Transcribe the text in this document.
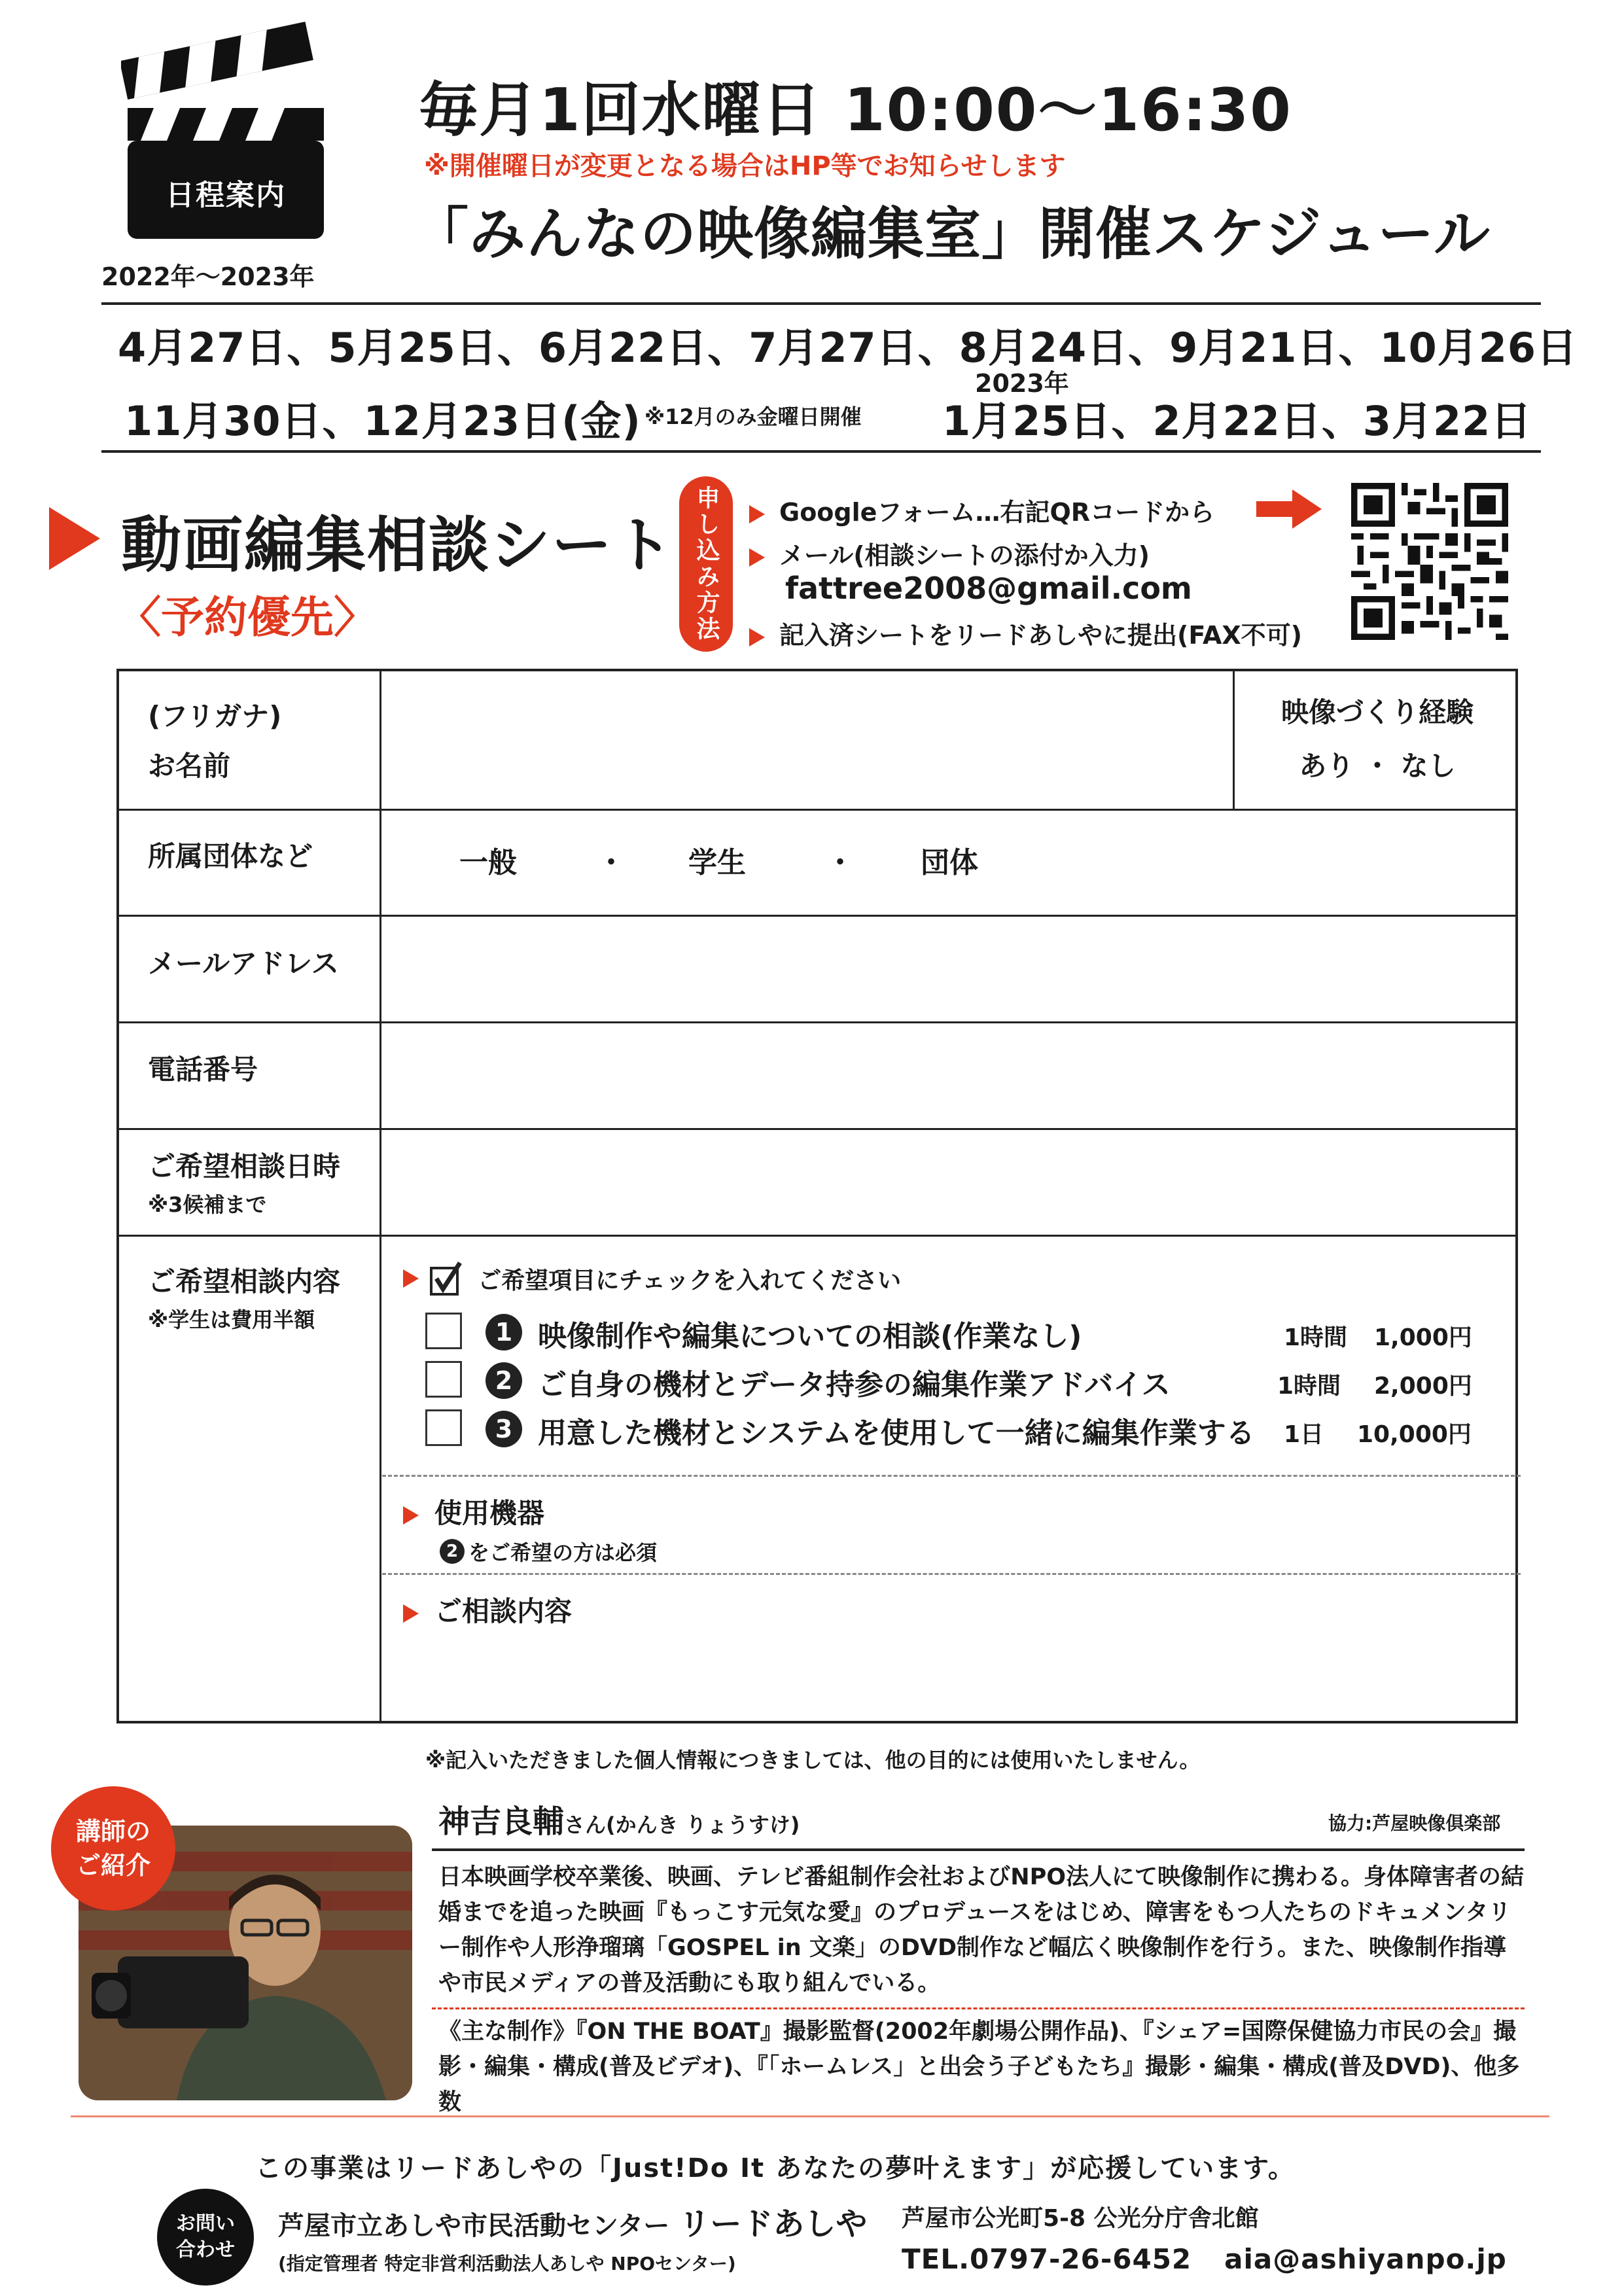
日程案内
2022年〜2023年
毎月1回水曜日 10:00〜16:30
※開催曜日が変更となる場合はHP等でお知らせします
「みんなの映像編集室」開催スケジュール
4月27日、5月25日、6月22日、7月27日、8月24日、9月21日、10月26日
2023年
11月30日、12月23日(金) ※12月のみ金曜日開催 1月25日、2月22日、3月22日
動画編集相談シート
〈予約優先〉	申し込み方法	Googleフォーム…右記QRコードから
メール(相談シートの添付か入力)
fattree2008@gmail.com
記入済シートをリードあしやに提出(FAX不可)
(フリガナ)
お名前
映像づくり経験
あり ・ なし
所属団体など	一般	・ 学生	・ 団体
メールアドレス
電話番号
ご希望相談日時
※3候補まで
ご希望相談内容
※学生は費用半額
ご希望項目にチェックを入れてください
1 映像制作や編集についての相談(作業なし)	1時間 1,000円
2 ご自身の機材とデータ持参の編集作業アドバイス	1時間 2,000円
3 用意した機材とシステムを使用して一緒に編集作業する 1日 10,000円
使用機器
2 をご希望の方は必須
ご相談内容
※記入いただきました個人情報につきましては、他の目的には使用いたしません。
講師の
ご紹介
神吉良輔さん(かんき りょうすけ)	協力:芦屋映像倶楽部
日本映画学校卒業後、映画、テレビ番組制作会社およびNPO法人にて映像制作に携わる。身体障害者の結婚までを追った映画『もっこす元気な愛』のプロデュースをはじめ、障害をもつ人たちのドキュメンタリー制作や人形浄瑠璃「GOSPEL in 文楽」のDVD制作など幅広く映像制作を行う。また、映像制作指導や市民メディアの普及活動にも取り組んでいる。
《主な制作》『ON THE BOAT』撮影監督(2002年劇場公開作品)、『シェア=国際保健協力市民の会』撮影・編集・構成(普及ビデオ)、『「ホームレス」と出会う子どもたち』撮影・編集・構成(普及DVD)、他多数
この事業はリードあしやの「Just!Do It あなたの夢叶えます」が応援しています。
お問い
合わせ
芦屋市立あしや市民活動センター リードあしや
(指定管理者 特定非営利活動法人あしや NPOセンター)
芦屋市公光町5-8 公光分庁舎北館
TEL.0797-26-6452 aia@ashiyanpo.jp
